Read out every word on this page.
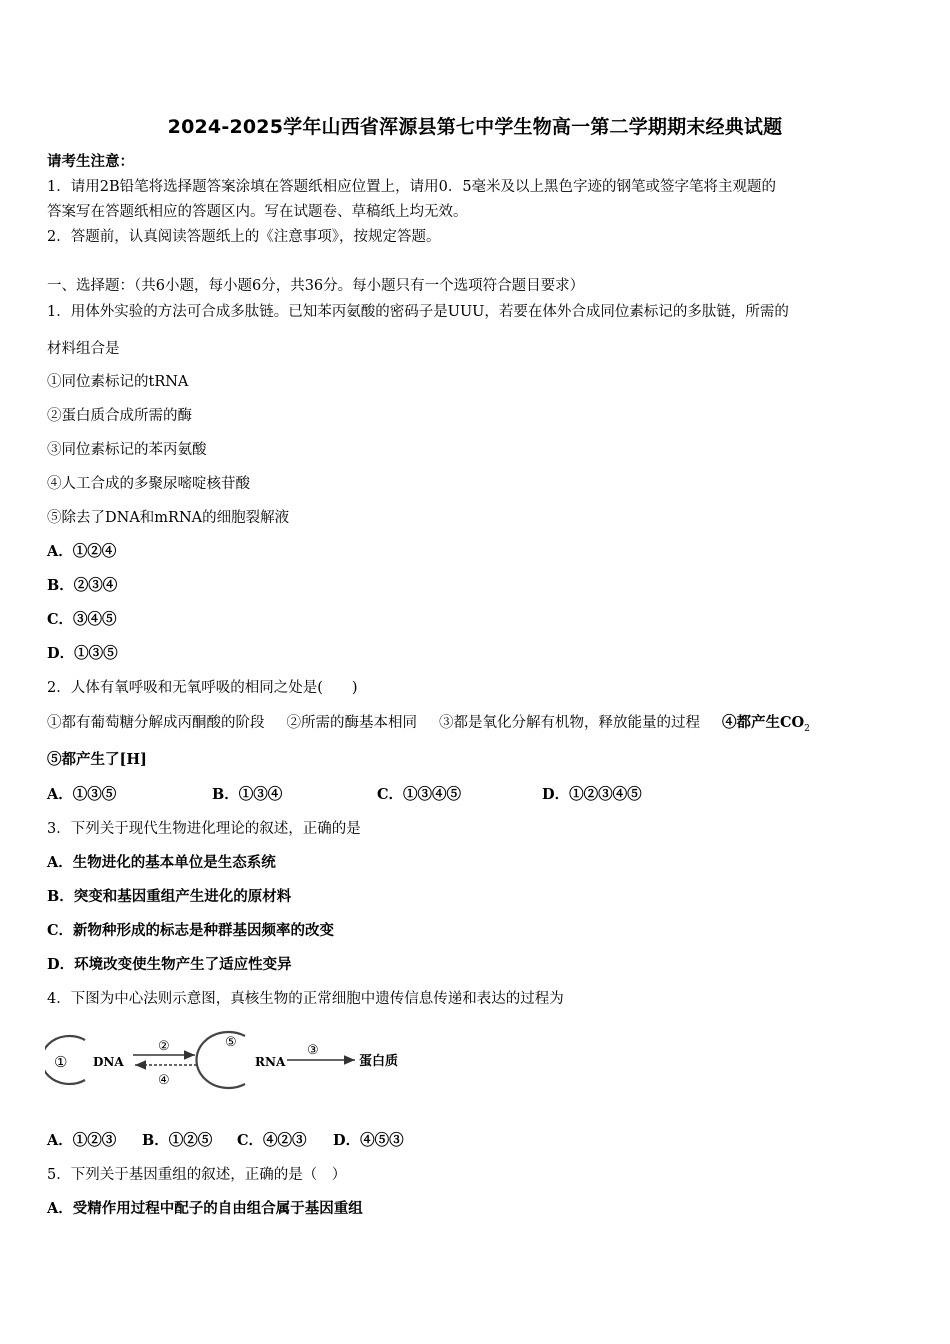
2024-2025学年山西省浑源县第七中学生物高一第二学期期末经典试题
请考生注意：
1．请用2B铅笔将选择题答案涂填在答题纸相应位置上，请用0．5毫米及以上黑色字迹的钢笔或签字笔将主观题的
答案写在答题纸相应的答题区内。写在试题卷、草稿纸上均无效。
2．答题前，认真阅读答题纸上的《注意事项》，按规定答题。
一、选择题：（共6小题，每小题6分，共36分。每小题只有一个选项符合题目要求）
1．用体外实验的方法可合成多肽链。已知苯丙氨酸的密码子是UUU，若要在体外合成同位素标记的多肽链，所需的
材料组合是
①同位素标记的tRNA
②蛋白质合成所需的酶
③同位素标记的苯丙氨酸
④人工合成的多聚尿嘧啶核苷酸
⑤除去了DNA和mRNA的细胞裂解液
A．①②④
B．②③④
C．③④⑤
D．①③⑤
2．人体有氧呼吸和无氧呼吸的相同之处是(　　)
①都有葡萄糖分解成丙酮酸的阶段 ②所需的酶基本相同 ③都是氧化分解有机物，释放能量的过程 ④都产生$CO_2$
⑤都产生了[H]
A．①③⑤	B．①③④	C．①③④⑤	D．①②③④⑤
3．下列关于现代生物进化理论的叙述，正确的是
A．生物进化的基本单位是生态系统
B．突变和基因重组产生进化的原材料
C．新物种形成的标志是种群基因频率的改变
D．环境改变使生物产生了适应性变异
4．下图为中心法则示意图，真核生物的正常细胞中遗传信息传递和表达的过程为
① DNA
②
④
⑤
RNA
③
蛋白质
A．①②③ B．①②⑤ C．④②③ D．④⑤③
5．下列关于基因重组的叙述，正确的是（　）
A．受精作用过程中配子的自由组合属于基因重组
